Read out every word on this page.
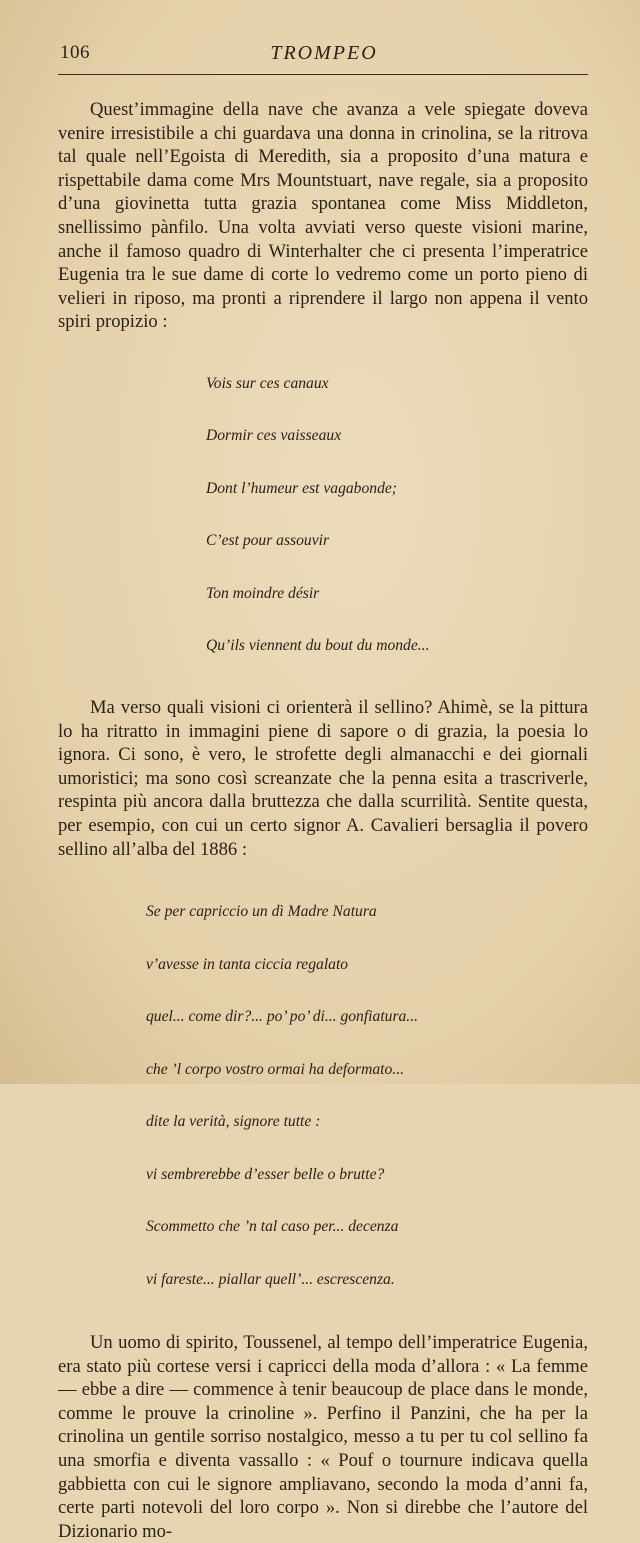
106	TROMPEO

Quest’immagine della nave che avanza a vele spiegate doveva venire irresistibile a chi guardava una donna in crinolina, se la ritrova tal quale nell’Egoista di Meredith, sia a proposito d’una matura e rispettabile dama come Mrs Mountstuart, nave regale, sia a proposito d’una giovinetta tutta grazia spontanea come Miss Middleton, snellissimo pànfilo. Una volta avviati verso queste visioni marine, anche il famoso quadro di Winterhalter che ci presenta l’imperatrice Eugenia tra le sue dame di corte lo vedremo come un porto pieno di velieri in riposo, ma pronti a riprendere il largo non appena il vento spiri propizio :

Vois sur ces canaux

Dormir ces vaisseaux

Dont l’humeur est vagabonde;

C’est pour assouvir

Ton moindre désir

Qu’ils viennent du bout du monde...

Ma verso quali visioni ci orienterà il sellino? Ahimè, se la pittura lo ha ritratto in immagini piene di sapore o di grazia, la poesia lo ignora. Ci sono, è vero, le strofette degli almanacchi e dei giornali umoristici; ma sono così screanzate che la penna esita a trascriverle, respinta più ancora dalla bruttezza che dalla scurrilità. Sentite questa, per esempio, con cui un certo signor A. Cavalieri bersaglia il povero sellino all’alba del 1886 :

Se per capriccio un dì Madre Natura

v’avesse in tanta ciccia regalato

quel... come dir?... po’ po’ di... gonfiatura...

che ’l corpo vostro ormai ha deformato...

dite la verità, signore tutte :

vi sembrerebbe d’esser belle o brutte?

Scommetto che ’n tal caso per... decenza

vi fareste... piallar quell’... escrescenza.

Un uomo di spirito, Toussenel, al tempo dell’imperatrice Eugenia, era stato più cortese versi i capricci della moda d’allora : « La femme — ebbe a dire — commence à tenir beaucoup de place dans le monde, comme le prouve la crinoline ». Perfino il Panzini, che ha per la crinolina un gentile sorriso nostalgico, messo a tu per tu col sellino fa una smorfia e diventa vassallo : « Pouf o tournure indicava quella gabbietta con cui le signore ampliavano, secondo la moda d’anni fa, certe parti notevoli del loro corpo ». Non si direbbe che l’autore del Dizionario mo-
